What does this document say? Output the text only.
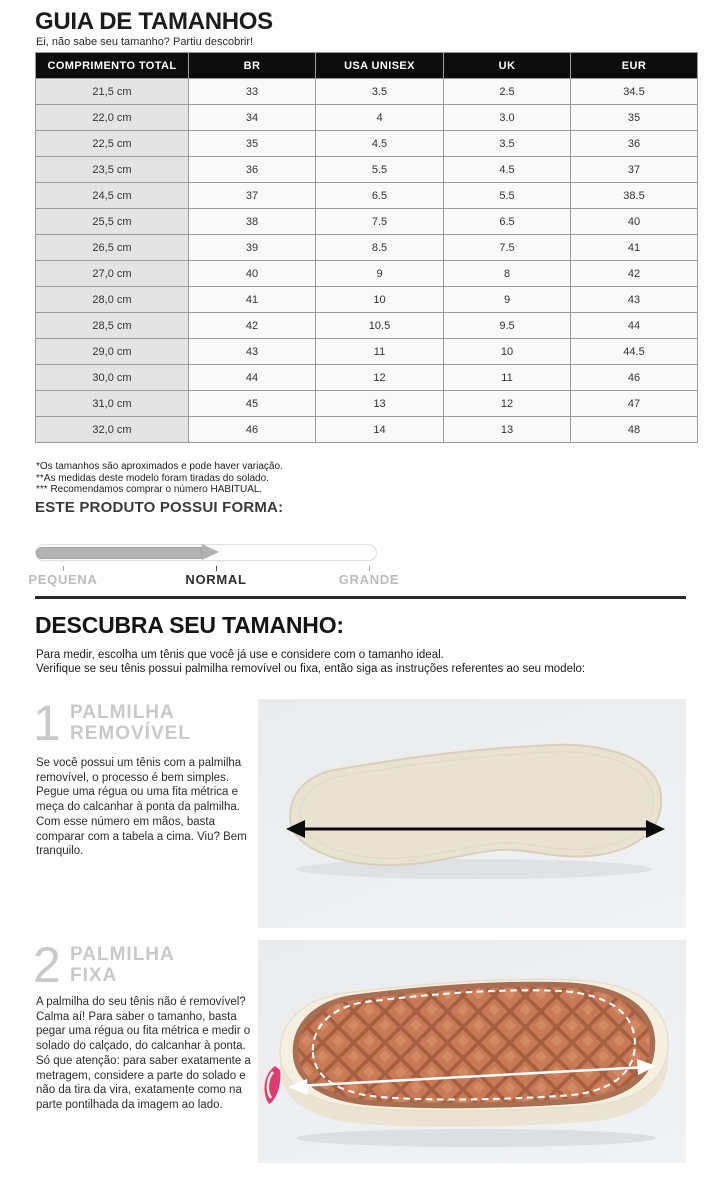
GUIA DE TAMANHOS

Ei, não sabe seu tamanho? Partiu descobrir!

COMPRIMENTO TOTAL	BR	USA UNISEX	UK	EUR
21,5 cm	33	3.5	2.5	34.5
22,0 cm	34	4	3.0	35
22,5 cm	35	4.5	3.5	36
23,5 cm	36	5.5	4.5	37
24,5 cm	37	6.5	5.5	38.5
25,5 cm	38	7.5	6.5	40
26,5 cm	39	8.5	7.5	41
27,0 cm	40	9	8	42
28,0 cm	41	10	9	43
28,5 cm	42	10.5	9.5	44
29,0 cm	43	11	10	44.5
30,0 cm	44	12	11	46
31,0 cm	45	13	12	47
32,0 cm	46	14	13	48

*Os tamanhos são aproximados e pode haver variação.

**As medidas deste modelo foram tiradas do solado.

*** Recomendamos comprar o número HABITUAL.

ESTE PRODUTO POSSUI FORMA:
PEQUENA	NORMAL	GRANDE
DESCUBRA SEU TAMANHO:

Para medir, escolha um tênis que você já use e considere com o tamanho ideal.

Verifique se seu tênis possui palmilha removível ou fixa, então siga as instruções referentes ao seu modelo:

1 PALMILHA
REMOVÍVEL

Se você possui um tênis com a palmilha removível, o processo é bem simples. Pegue uma régua ou uma fita métrica e meça do calcanhar à ponta da palmilha. Com esse número em mãos, basta comparar com a tabela a cima. Viu? Bem tranquilo.

2 PALMILHA
FIXA

A palmilha do seu tênis não é removível? Calma aí! Para saber o tamanho, basta pegar uma régua ou fita métrica e medir o solado do calçado, do calcanhar à ponta. Só que atenção: para saber exatamente a metragem, considere a parte do solado e não da tira da vira, exatamente como na parte pontilhada da imagem ao lado.
